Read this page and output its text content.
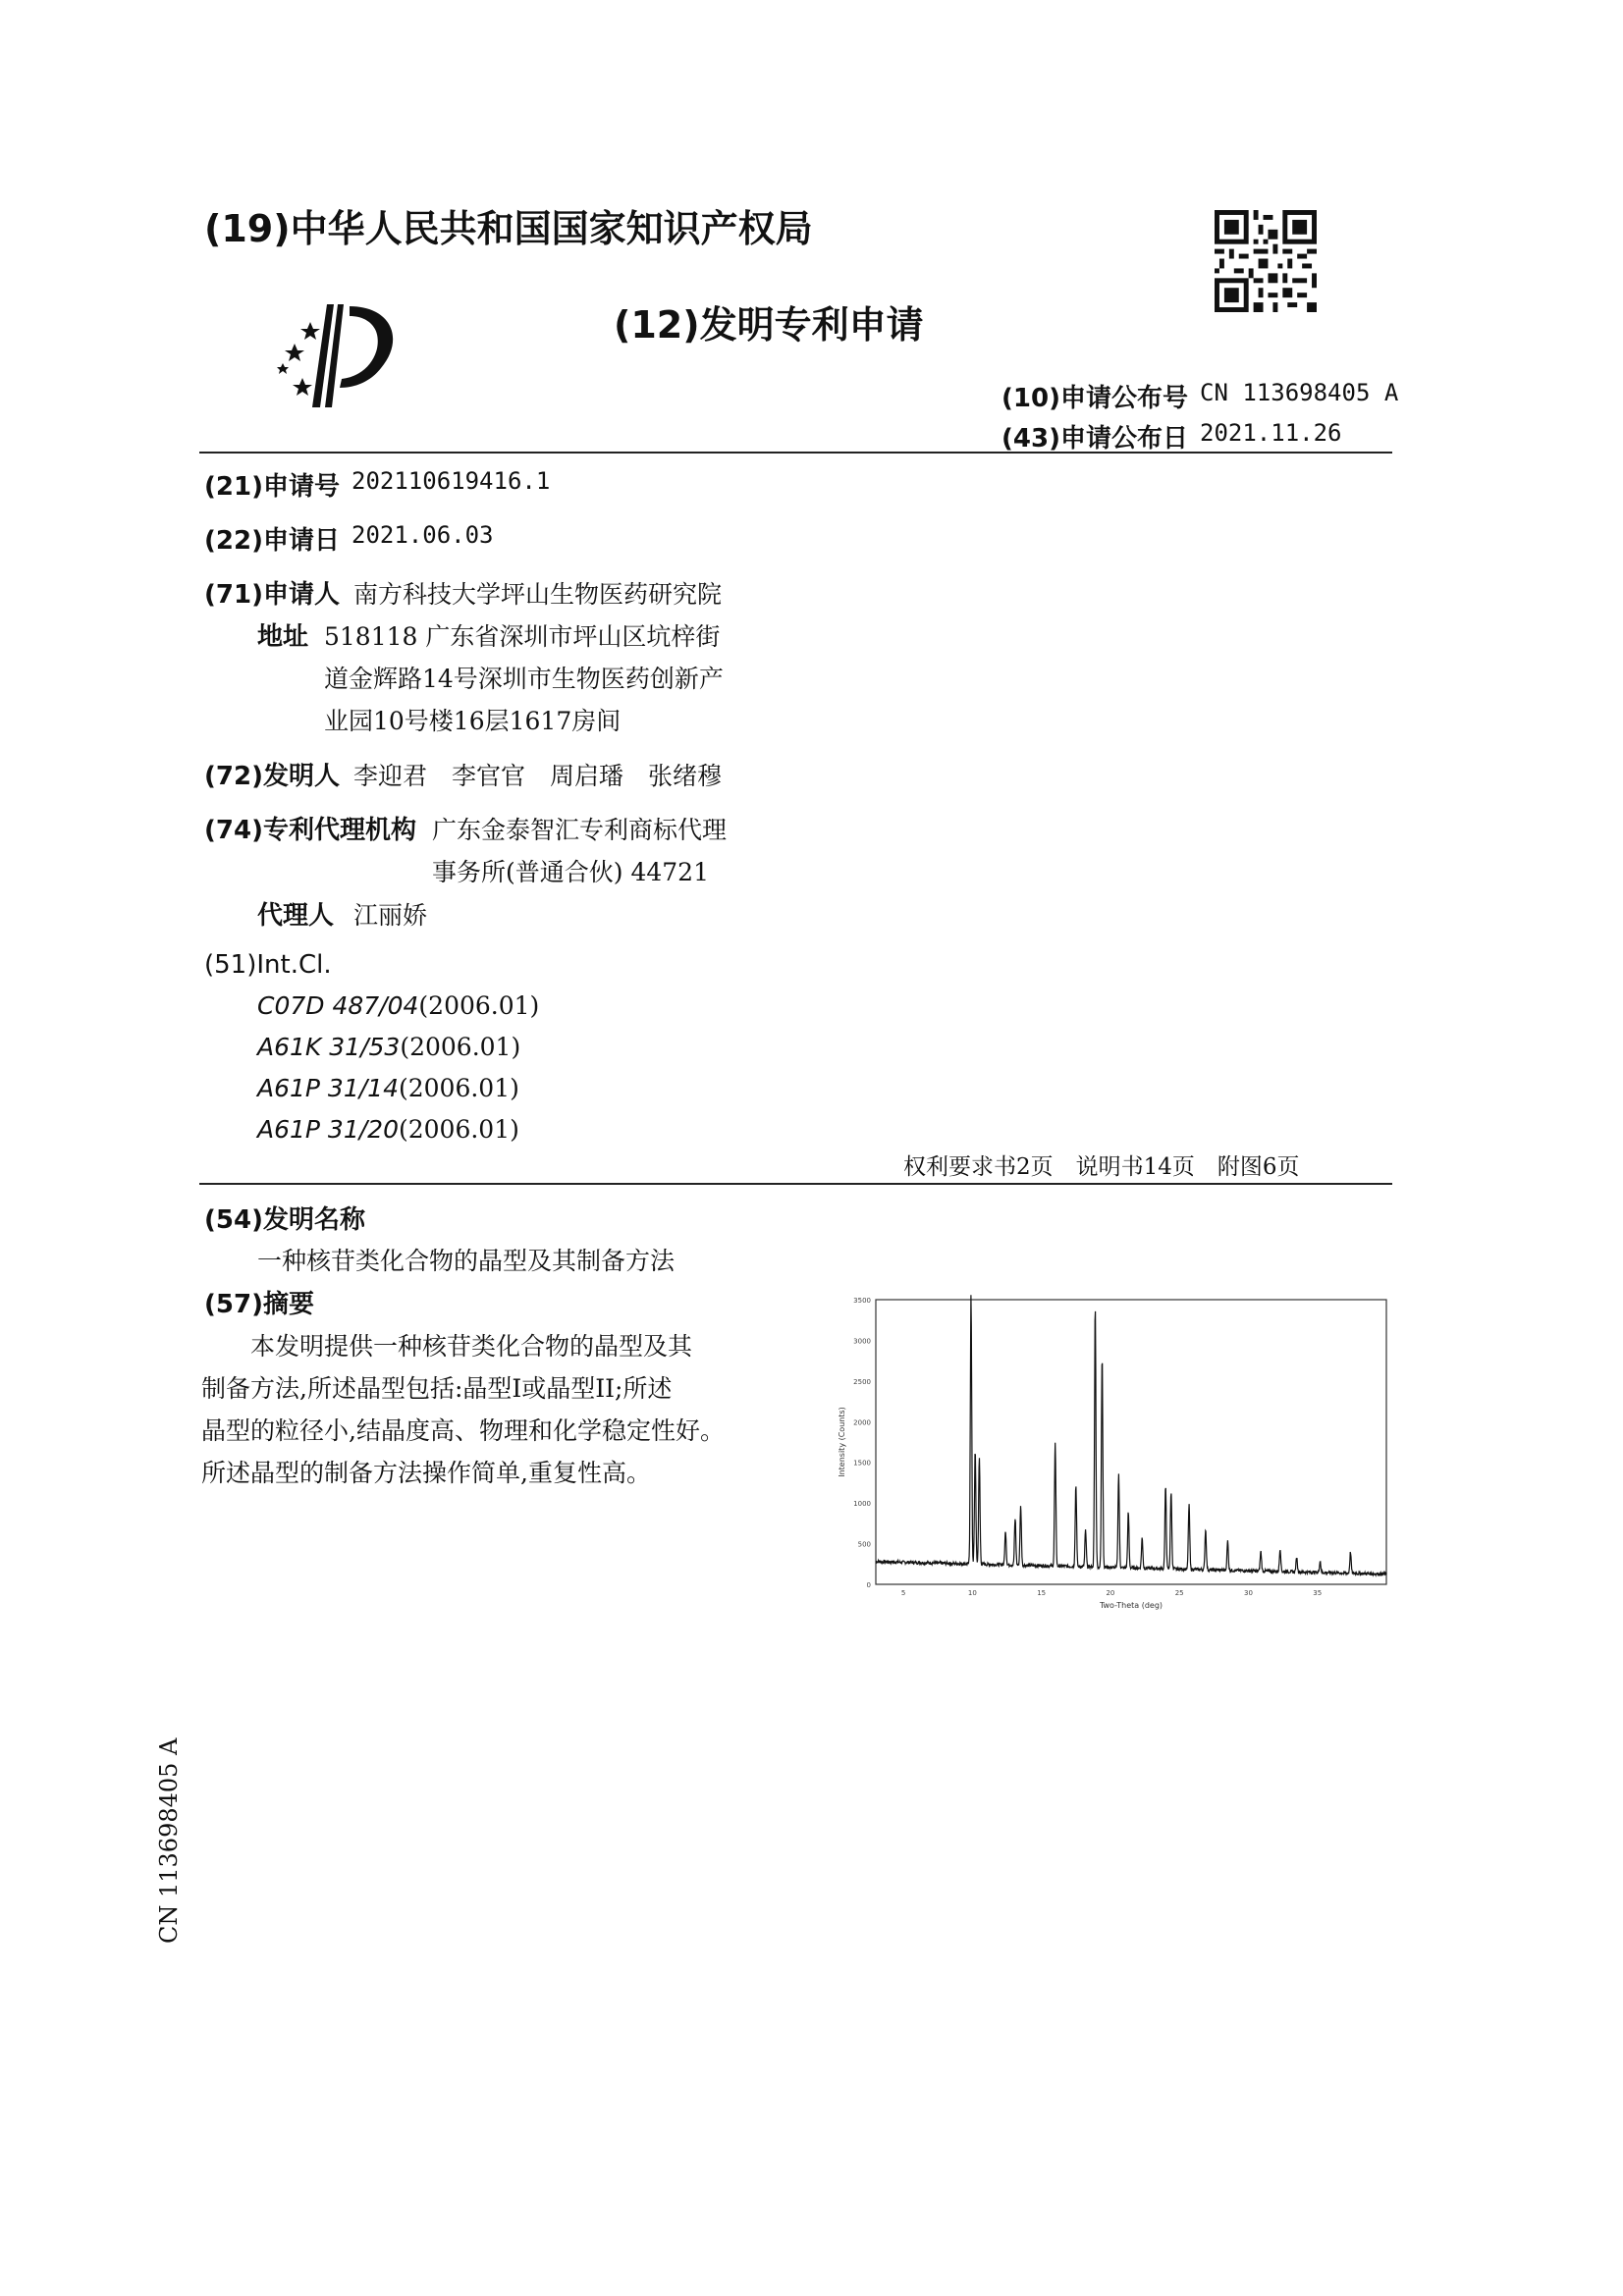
(19)中华人民共和国国家知识产权局
(12)发明专利申请
(10)申请公布号 CN 113698405 A
(43)申请公布日 2021.11.26
(21)申请号 202110619416.1
(22)申请日 2021.06.03
(71)申请人 南方科技大学坪山生物医药研究院
地址 518118 广东省深圳市坪山区坑梓街
道金辉路14号深圳市生物医药创新产
业园10号楼16层1617房间
(72)发明人 李迎君　李官官　周启璠　张绪穆
(74)专利代理机构 广东金泰智汇专利商标代理
事务所(普通合伙) 44721
代理人 江丽娇
(51)Int.Cl.
C07D 487/04(2006.01)
A61K 31/53(2006.01)
A61P 31/14(2006.01)
A61P 31/20(2006.01)
权利要求书2页　说明书14页　附图6页
(54)发明名称
一种核苷类化合物的晶型及其制备方法
(57)摘要

　　本发明提供一种核苷类化合物的晶型及其

制备方法,所述晶型包括:晶型I或晶型II;所述

晶型的粒径小,结晶度高、物理和化学稳定性好。

所述晶型的制备方法操作简单,重复性高。

0
500
1000
1500
2000
2500
3000
3500
5	10	15	20	25	30	35
Intensity (Counts)
Two-Theta (deg)
CN 113698405 A
